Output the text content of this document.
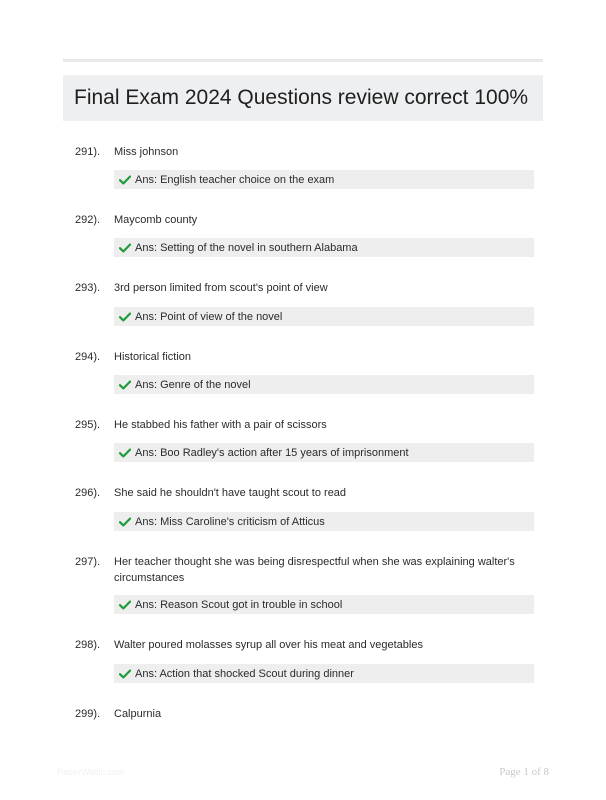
Final Exam 2024 Questions review correct 100%
291). Miss johnson
Ans: English teacher choice on the exam
292). Maycomb county
Ans: Setting of the novel in southern Alabama
293). 3rd person limited from scout's point of view
Ans: Point of view of the novel
294). Historical fiction
Ans: Genre of the novel
295). He stabbed his father with a pair of scissors
Ans: Boo Radley's action after 15 years of imprisonment
296). She said he shouldn't have taught scout to read
Ans: Miss Caroline's criticism of Atticus
297). Her teacher thought she was being disrespectful when she was explaining walter's circumstances
Ans: Reason Scout got in trouble in school
298). Walter poured molasses syrup all over his meat and vegetables
Ans: Action that shocked Scout during dinner
299). Calpurnia
PaperWaltic.com	Page 1 of 8
